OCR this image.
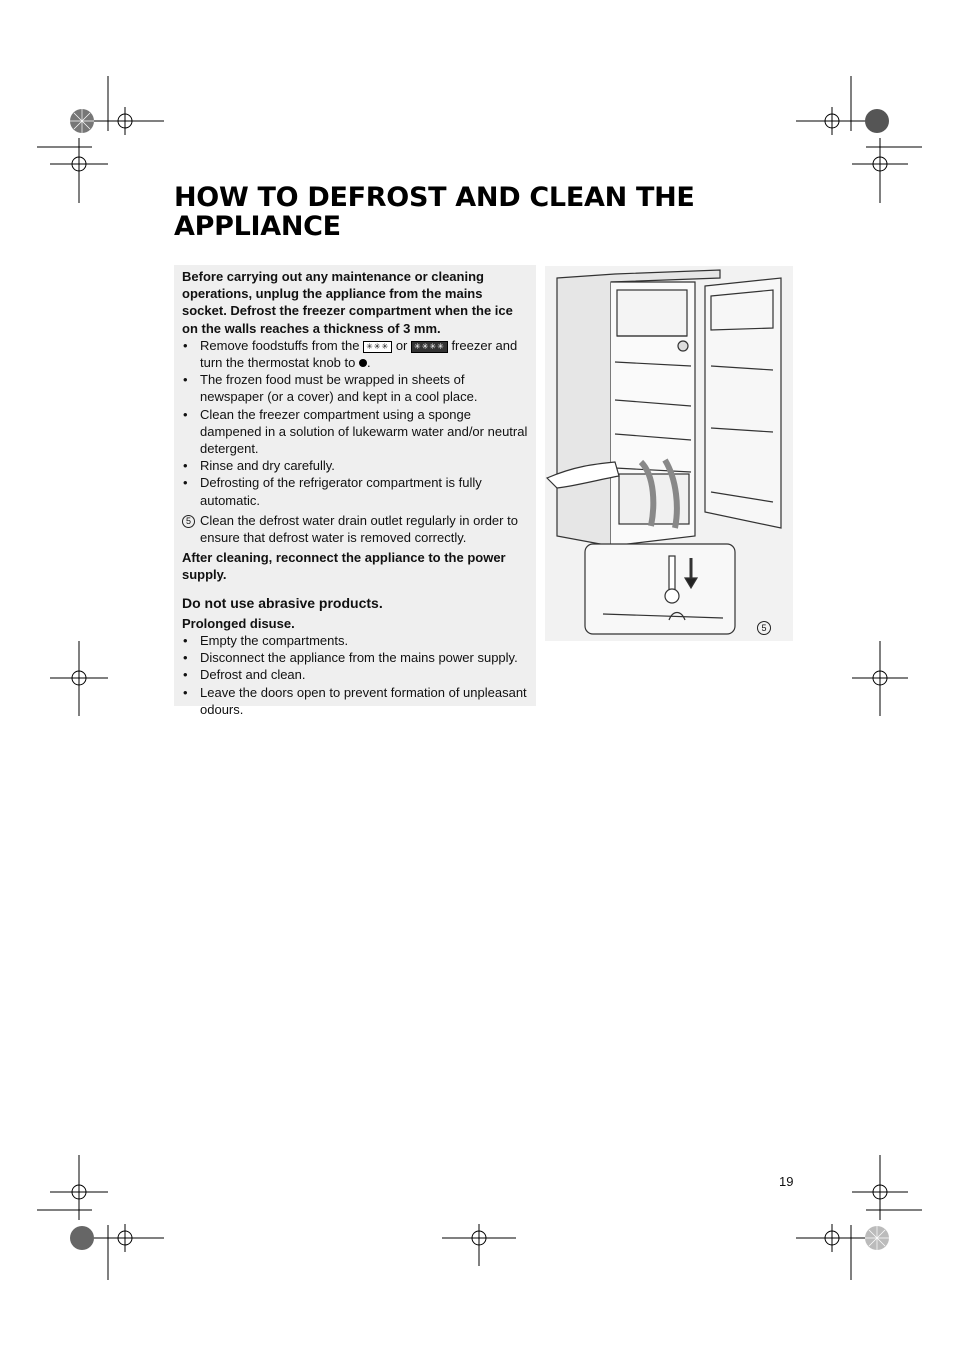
HOW TO DEFROST AND CLEAN THE APPLIANCE

Before carrying out any maintenance or cleaning operations, unplug the appliance from the mains socket. Defrost the freezer compartment when the ice on the walls reaches a thickness of 3 mm.

• Remove foodstuffs from the ✳✳✳ or ✳✳✳✳ freezer and turn the thermostat knob to .
• The frozen food must be wrapped in sheets of newspaper (or a cover) and kept in a cool place.
• Clean the freezer compartment using a sponge dampened in a solution of lukewarm water and/or neutral detergent.
• Rinse and dry carefully.
• Defrosting of the refrigerator compartment is fully automatic.

5 Clean the defrost water drain outlet regularly in order to ensure that defrost water is removed correctly.

After cleaning, reconnect the appliance to the power supply.

Do not use abrasive products.

Prolonged disuse.

• Empty the compartments.
• Disconnect the appliance from the mains power supply.
• Defrost and clean.
• Leave the doors open to prevent formation of unpleasant odours.
5
19
